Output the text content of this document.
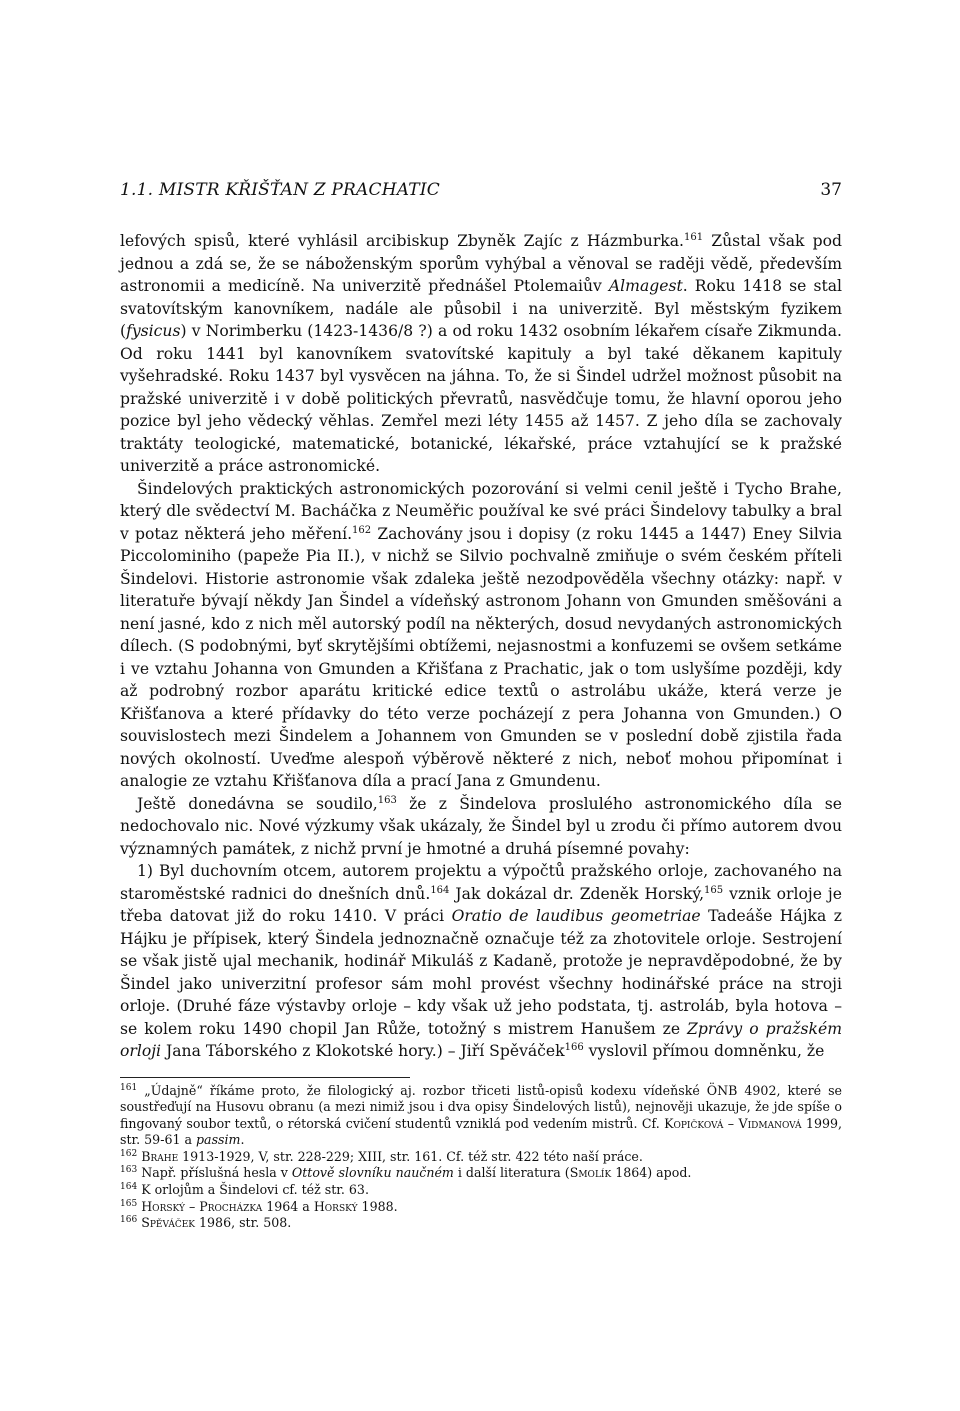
1.1. MISTR KŘIŠŤAN Z PRACHATIC	37

lefových spisů, které vyhlásil arcibiskup Zbyněk Zajíc z Házmburka.$^{161}$ Zůstal však pod jednou a zdá se, že se náboženským sporům vyhýbal a věnoval se raději vědě, především astronomii a medicíně. Na univerzitě přednášel Ptolemaiův Almagest. Roku 1418 se stal svatovítským kanovníkem, nadále ale působil i na univerzitě. Byl městským fyzikem (fysicus) v Norimberku (1423-1436/8 ?) a od roku 1432 osobním lékařem císaře Zikmunda. Od roku 1441 byl kanovníkem svatovítské kapituly a byl také děkanem kapituly vyšehradské. Roku 1437 byl vysvěcen na jáhna. To, že si Šindel udržel možnost působit na pražské univerzitě i v době politických převratů, nasvědčuje tomu, že hlavní oporou jeho pozice byl jeho vědecký věhlas. Zemřel mezi léty 1455 až 1457. Z jeho díla se zachovaly traktáty teologické, matematické, botanické, lékařské, práce vztahující se k pražské univerzitě a práce astronomické.

Šindelových praktických astronomických pozorování si velmi cenil ještě i Tycho Brahe, který dle svědectví M. Bacháčka z Neuměřic používal ke své práci Šindelovy tabulky a bral v potaz některá jeho měření.$^{162}$ Zachovány jsou i dopisy (z roku 1445 a 1447) Eney Silvia Piccolominiho (papeže Pia II.), v nichž se Silvio pochvalně zmiňuje o svém českém příteli Šindelovi. Historie astronomie však zdaleka ještě nezodpověděla všechny otázky: např. v literatuře bývají někdy Jan Šindel a vídeňský astronom Johann von Gmunden směšováni a není jasné, kdo z nich měl autorský podíl na některých, dosud nevydaných astronomických dílech. (S podobnými, byť skrytějšími obtížemi, nejasnostmi a konfuzemi se ovšem setkáme i ve vztahu Johanna von Gmunden a Křišťana z Prachatic, jak o tom uslyšíme později, kdy až podrobný rozbor aparátu kritické edice textů o astrolábu ukáže, která verze je Křišťanova a které přídavky do této verze pocházejí z pera Johanna von Gmunden.) O souvislostech mezi Šindelem a Johannem von Gmunden se v poslední době zjistila řada nových okolností. Uveďme alespoň výběrově některé z nich, neboť mohou připomínat i analogie ze vztahu Křišťanova díla a prací Jana z Gmundenu.

Ještě donedávna se soudilo,$^{163}$ že z Šindelova proslulého astronomického díla se nedochovalo nic. Nové výzkumy však ukázaly, že Šindel byl u zrodu či přímo autorem dvou významných památek, z nichž první je hmotné a druhá písemné povahy:

1) Byl duchovním otcem, autorem projektu a výpočtů pražského orloje, zachovaného na staroměstské radnici do dnešních dnů.$^{164}$ Jak dokázal dr. Zdeněk Horský,$^{165}$ vznik orloje je třeba datovat již do roku 1410. V práci Oratio de laudibus geometriae Tadeáše Hájka z Hájku je přípisek, který Šindela jednoznačně označuje též za zhotovitele orloje. Sestrojení se však jistě ujal mechanik, hodinář Mikuláš z Kadaně, protože je nepravděpodobné, že by Šindel jako univerzitní profesor sám mohl provést všechny hodinářské práce na stroji orloje. (Druhé fáze výstavby orloje – kdy však už jeho podstata, tj. astroláb, byla hotova – se kolem roku 1490 chopil Jan Růže, totožný s mistrem Hanušem ze Zprávy o pražském orloji Jana Táborského z Klokotské hory.) – Jiří Spěváček$^{166}$ vyslovil přímou domněnku, že

$^{161}$ „Údajně“ říkáme proto, že filologický aj. rozbor třiceti listů-opisů kodexu vídeňské ÖNB 4902, které se soustřeďují na Husovu obranu (a mezi nimiž jsou i dva opisy Šindelových listů), nejnověji ukazuje, že jde spíše o fingovaný soubor textů, o rétorská cvičení studentů vzniklá pod vedením mistrů. Cf. Kopičková – Vidmanová 1999, str. 59-61 a passim.

$^{162}$ Brahe 1913-1929, V, str. 228-229; XIII, str. 161. Cf. též str. 422 této naší práce.

$^{163}$ Např. příslušná hesla v Ottově slovníku naučném i další literatura (Smolík 1864) apod.

$^{164}$ K orlojům a Šindelovi cf. též str. 63.

$^{165}$ Horský – Procházka 1964 a Horský 1988.

$^{166}$ Spěváček 1986, str. 508.
